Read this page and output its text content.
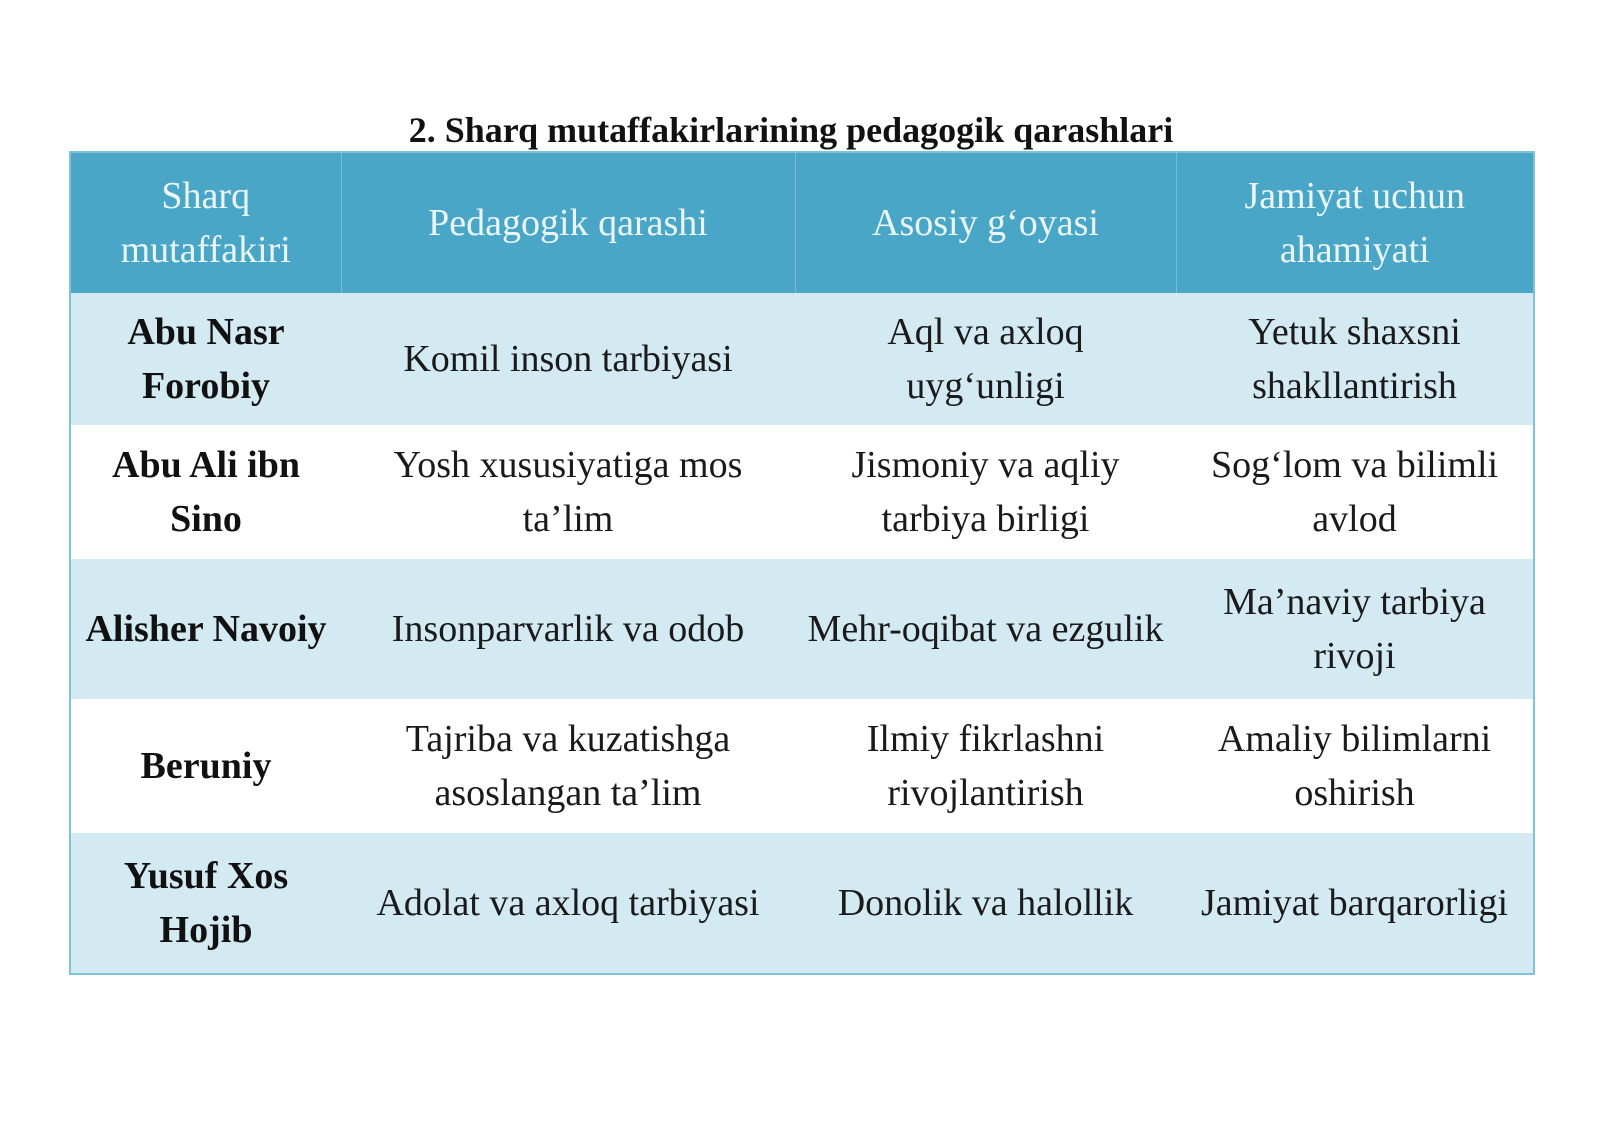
2. Sharq mutaffakirlarining pedagogik qarashlari
Sharq mutaffakiri	Pedagogik qarashi	Asosiy g‘oyasi	Jamiyat uchun ahamiyati
Abu Nasr Forobiy	Komil inson tarbiyasi	Aql va axloq uyg‘unligi	Yetuk shaxsni shakllantirish
Abu Ali ibn Sino	Yosh xususiyatiga mos ta’lim	Jismoniy va aqliy tarbiya birligi	Sog‘lom va bilimli avlod
Alisher Navoiy	Insonparvarlik va odob	Mehr-oqibat va ezgulik	Ma’naviy tarbiya rivoji
Beruniy	Tajriba va kuzatishga asoslangan ta’lim	Ilmiy fikrlashni rivojlantirish	Amaliy bilimlarni oshirish
Yusuf Xos Hojib	Adolat va axloq tarbiyasi	Donolik va halollik	Jamiyat barqarorligi
